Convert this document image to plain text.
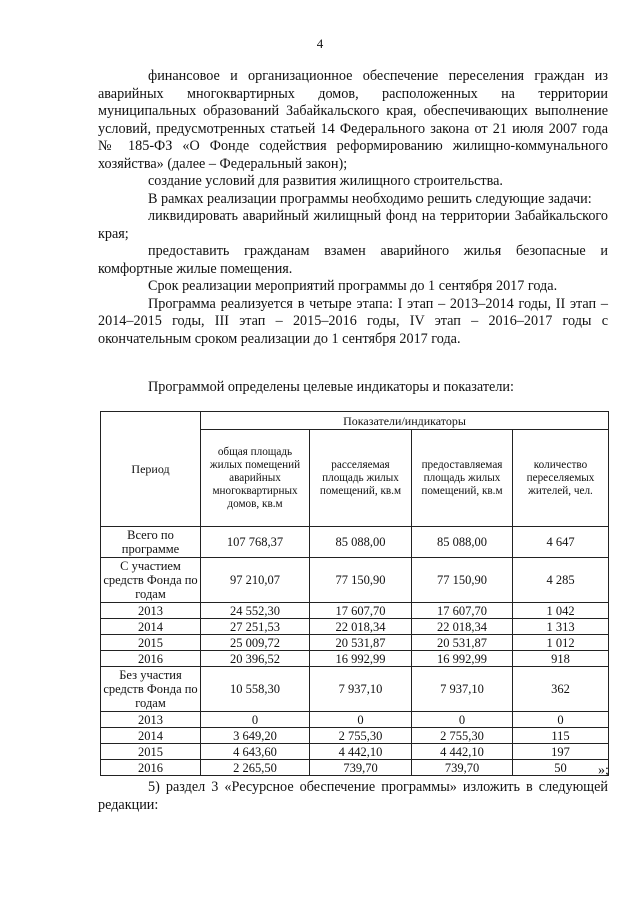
4

финансовое и организационное обеспечение переселения граждан из аварийных многоквартирных домов, расположенных на территории муниципальных образований Забайкальского края, обеспечивающих выполнение условий, предусмотренных статьей 14 Федерального закона от 21 июля 2007 года № 185-ФЗ «О Фонде содействия реформированию жилищно-коммунального хозяйства» (далее – Федеральный закон);

создание условий для развития жилищного строительства.

В рамках реализации программы необходимо решить следующие задачи:

ликвидировать аварийный жилищный фонд на территории Забайкальского края;

предоставить гражданам взамен аварийного жилья безопасные и комфортные жилые помещения.

Срок реализации мероприятий программы до 1 сентября 2017 года.

Программа реализуется в четыре этапа: I этап – 2013–2014 годы, II этап – 2014–2015 годы, III этап – 2015–2016 годы, IV этап – 2016–2017 годы с окончательным сроком реализации до 1 сентября 2017 года.

Программой определены целевые индикаторы и показатели:
Период	Показатели/индикаторы			
	общая площадь жилых помещений аварийных многоквартирных домов, кв.м	расселяемая площадь жилых помещений, кв.м	предоставляемая площадь жилых помещений, кв.м	количество переселяемых жителей, чел.
Всего по программе	107 768,37	85 088,00	85 088,00	4 647
С участием средств Фонда по годам	97 210,07	77 150,90	77 150,90	4 285
2013	24 552,30	17 607,70	17 607,70	1 042
2014	27 251,53	22 018,34	22 018,34	1 313
2015	25 009,72	20 531,87	20 531,87	1 012
2016	20 396,52	16 992,99	16 992,99	918
Без участия средств Фонда по годам	10 558,30	7 937,10	7 937,10	362
2013	0	0	0	0
2014	3 649,20	2 755,30	2 755,30	115
2015	4 643,60	4 442,10	4 442,10	197
2016	2 265,50	739,70	739,70	50 »;

5) раздел 3 «Ресурсное обеспечение программы» изложить в следующей редакции:
